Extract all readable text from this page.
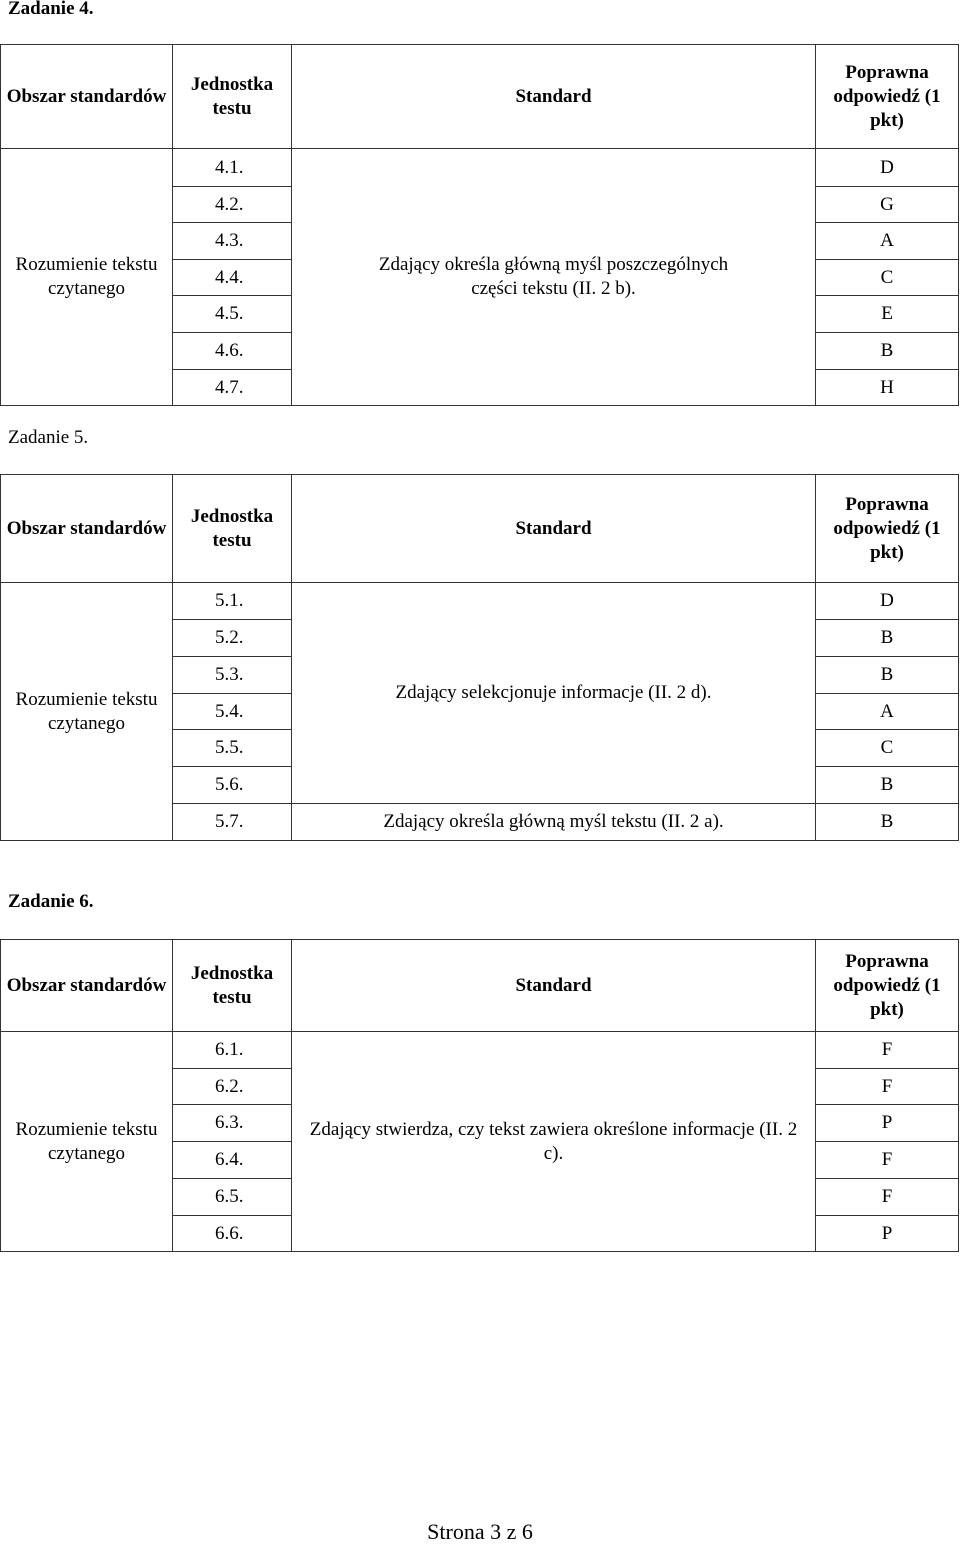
Zadanie 4.
Obszar standardów	Jednostka testu	Standard	Poprawna odpowiedź (1 pkt)
Rozumienie tekstu czytanego	4.1.	Zdający określa główną myśl poszczególnych części tekstu (II. 2 b).	D
	4.2.		G
	4.3.		A
	4.4.		C
	4.5.		E
	4.6.		B
	4.7.		H
Zadanie 5.
Obszar standardów	Jednostka testu	Standard	Poprawna odpowiedź (1 pkt)
Rozumienie tekstu czytanego	5.1.	Zdający selekcjonuje informacje (II. 2 d).	D
	5.2.		B
	5.3.		B
	5.4.		A
	5.5.		C
	5.6.		B
	5.7.	Zdający określa główną myśl tekstu (II. 2 a).	B
Zadanie 6.
Obszar standardów	Jednostka testu	Standard	Poprawna odpowiedź (1 pkt)
Rozumienie tekstu czytanego	6.1.	Zdający stwierdza, czy tekst zawiera określone informacje (II. 2 c).	F
	6.2.		F
	6.3.		P
	6.4.		F
	6.5.		F
	6.6.		P
Strona 3 z 6
